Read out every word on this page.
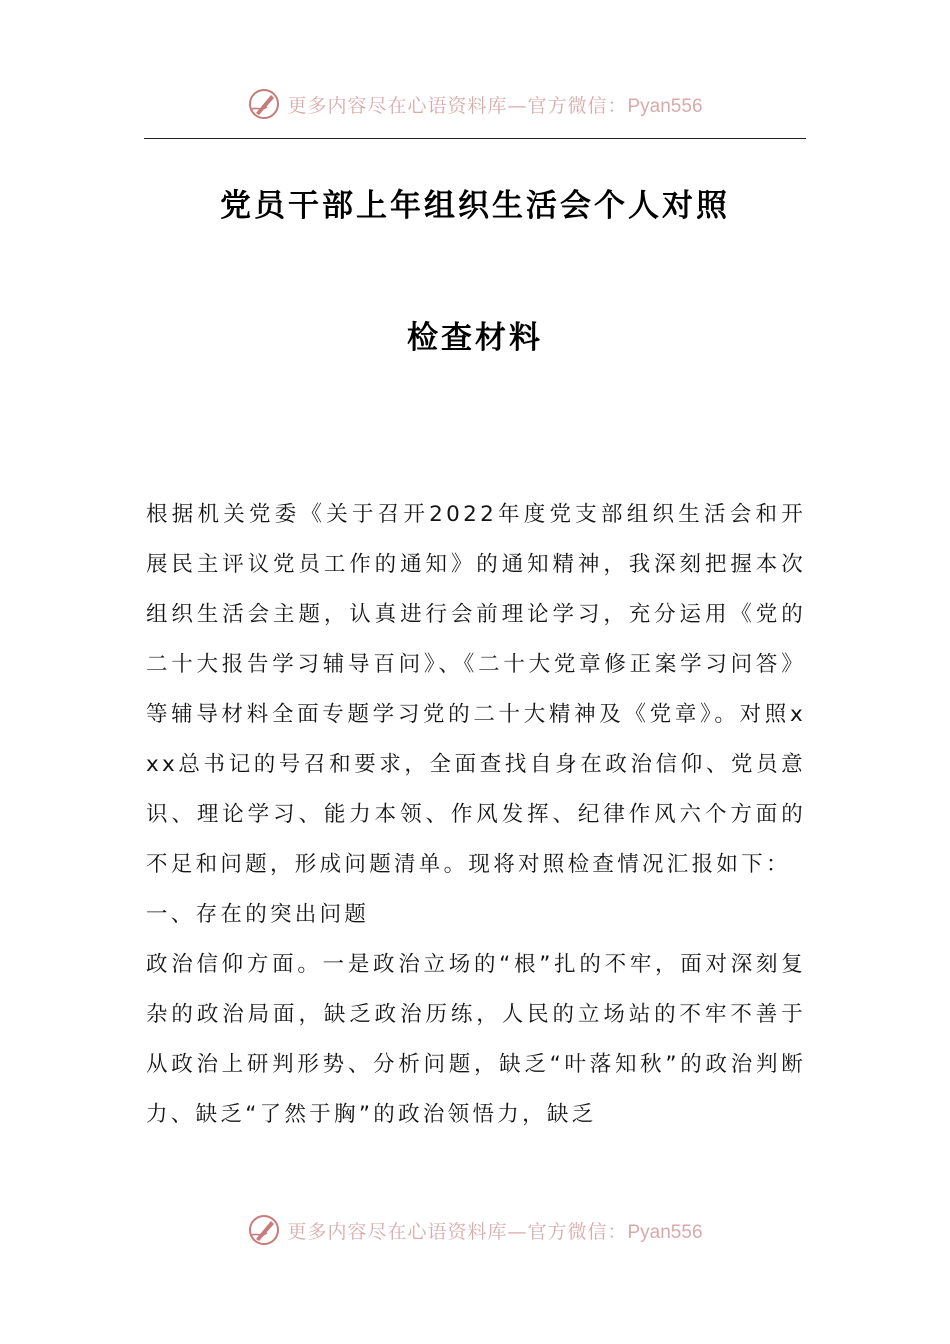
更多内容尽在心语资料库—官方微信：Pyan556
党员干部上年组织生活会个人对照
检查材料

根据机关党委《关于召开2022年度党支部组织生活会和开展民主评议党员工作的通知》的通知精神，我深刻把握本次组织生活会主题，认真进行会前理论学习，充分运用《党的二十大报告学习辅导百问》、《二十大党章修正案学习问答》等辅导材料全面专题学习党的二十大精神及《党章》。对照xxx总书记的号召和要求，全面查找自身在政治信仰、党员意识、理论学习、能力本领、作风发挥、纪律作风六个方面的不足和问题，形成问题清单。现将对照检查情况汇报如下：

一、存在的突出问题

政治信仰方面。一是政治立场的“根”扎的不牢，面对深刻复杂的政治局面，缺乏政治历练，人民的立场站的不牢不善于从政治上研判形势、分析问题，缺乏“叶落知秋”的政治判断力、缺乏“了然于胸”的政治领悟力，缺乏

更多内容尽在心语资料库—官方微信：Pyan556
